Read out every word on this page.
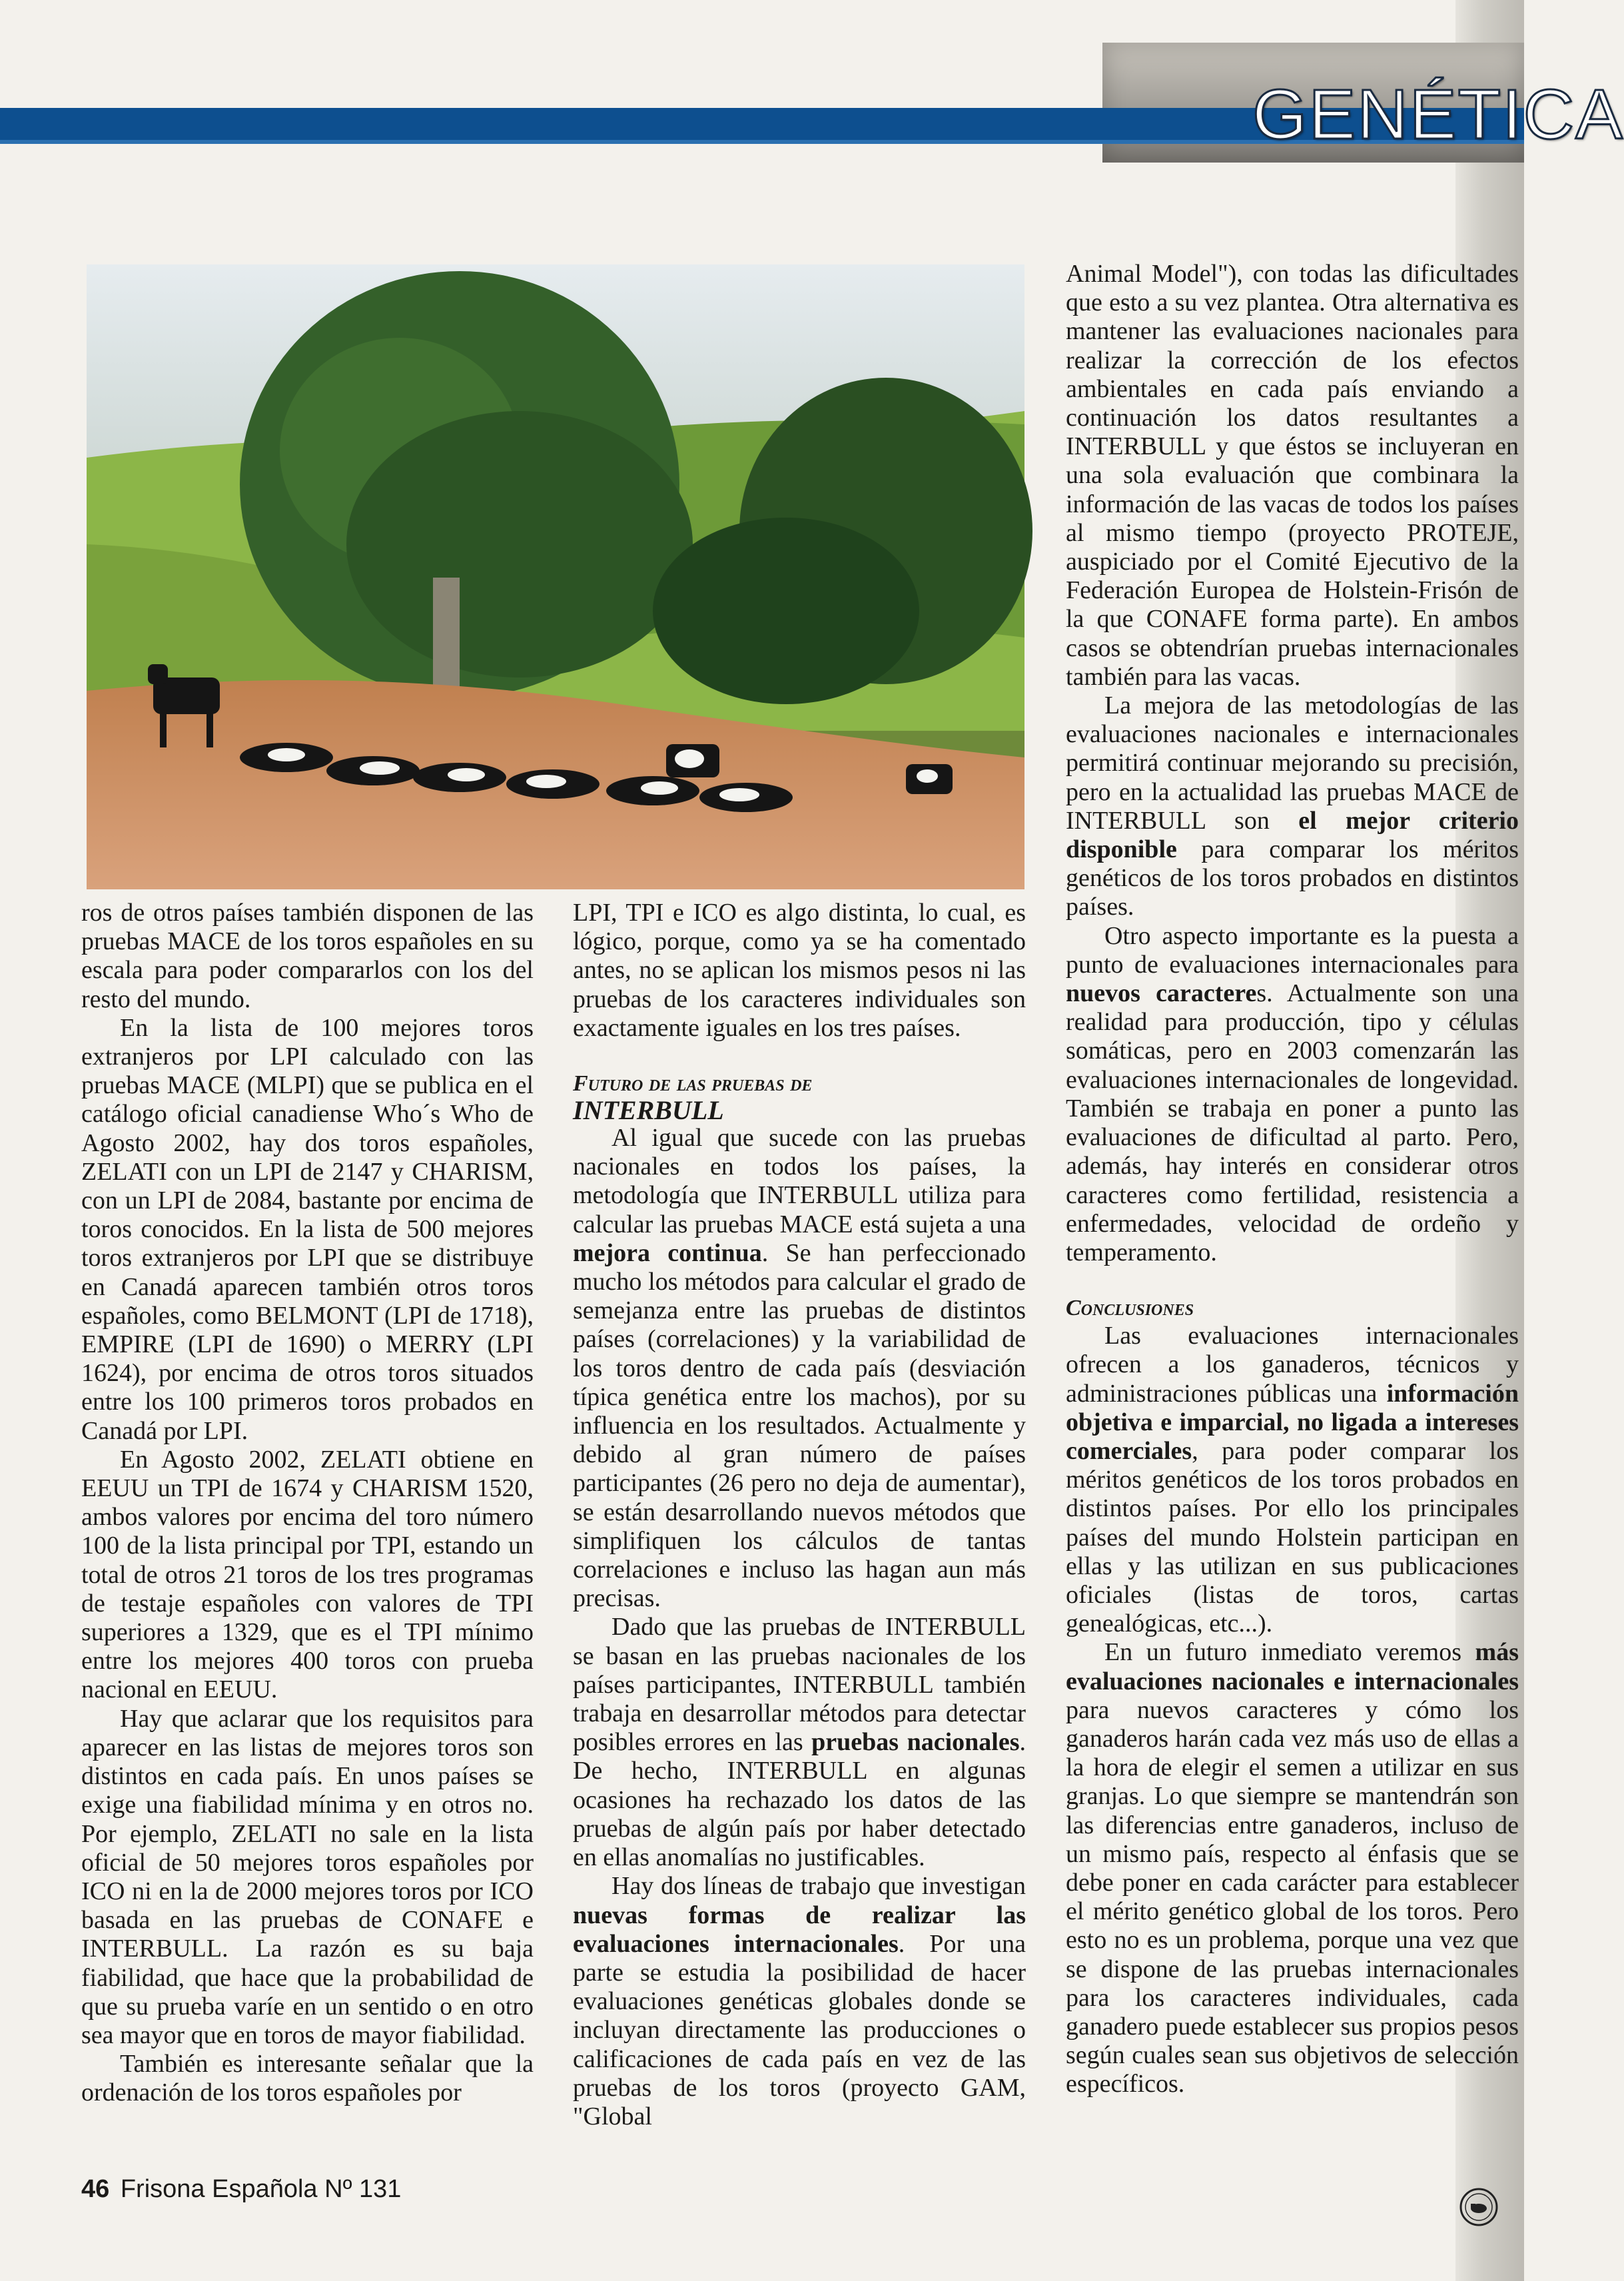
GENÉTICA

ros de otros países también disponen de las pruebas MACE de los toros españoles en su escala para poder compararlos con los del resto del mundo.

En la lista de 100 mejores toros extranjeros por LPI calculado con las pruebas MACE (MLPI) que se publica en el catálogo oficial canadiense Who´s Who de Agosto 2002, hay dos toros españoles, ZELATI con un LPI de 2147 y CHARISM, con un LPI de 2084, bastante por encima de toros conocidos. En la lista de 500 mejores toros extranjeros por LPI que se distribuye en Canadá aparecen también otros toros españoles, como BELMONT (LPI de 1718), EMPIRE (LPI de 1690) o MERRY (LPI 1624), por encima de otros toros situados entre los 100 primeros toros probados en Canadá por LPI.

En Agosto 2002, ZELATI obtiene en EEUU un TPI de 1674 y CHARISM 1520, ambos valores por encima del toro número 100 de la lista principal por TPI, estando un total de otros 21 toros de los tres programas de testaje españoles con valores de TPI superiores a 1329, que es el TPI mínimo entre los mejores 400 toros con prueba nacional en EEUU.

Hay que aclarar que los requisitos para aparecer en las listas de mejores toros son distintos en cada país. En unos países se exige una fiabilidad mínima y en otros no. Por ejemplo, ZELATI no sale en la lista oficial de 50 mejores toros españoles por ICO ni en la de 2000 mejores toros por ICO basada en las pruebas de CONAFE e INTERBULL. La razón es su baja fiabilidad, que hace que la probabilidad de que su prueba varíe en un sentido o en otro sea mayor que en toros de mayor fiabilidad.

También es interesante señalar que la ordenación de los toros españoles por

LPI, TPI e ICO es algo distinta, lo cual, es lógico, porque, como ya se ha comentado antes, no se aplican los mismos pesos ni las pruebas de los caracteres individuales son exactamente iguales en los tres países.

Futuro de las pruebas de
INTERBULL

Al igual que sucede con las pruebas nacionales en todos los países, la metodología que INTERBULL utiliza para calcular las pruebas MACE está sujeta a una mejora continua. Se han perfeccionado mucho los métodos para calcular el grado de semejanza entre las pruebas de distintos países (correlaciones) y la variabilidad de los toros dentro de cada país (desviación típica genética entre los machos), por su influencia en los resultados. Actualmente y debido al gran número de países participantes (26 pero no deja de aumentar), se están desarrollando nuevos métodos que simplifiquen los cálculos de tantas correlaciones e incluso las hagan aun más precisas.

Dado que las pruebas de INTERBULL se basan en las pruebas nacionales de los países participantes, INTERBULL también trabaja en desarrollar métodos para detectar posibles errores en las pruebas nacionales. De hecho, INTERBULL en algunas ocasiones ha rechazado los datos de las pruebas de algún país por haber detectado en ellas anomalías no justificables.

Hay dos líneas de trabajo que investigan nuevas formas de realizar las evaluaciones internacionales. Por una parte se estudia la posibilidad de hacer evaluaciones genéticas globales donde se incluyan directamente las producciones o calificaciones de cada país en vez de las pruebas de los toros (proyecto GAM, "Global

Animal Model"), con todas las dificultades que esto a su vez plantea. Otra alternativa es mantener las evaluaciones nacionales para realizar la corrección de los efectos ambientales en cada país enviando a continuación los datos resultantes a INTERBULL y que éstos se incluyeran en una sola evaluación que combinara la información de las vacas de todos los países al mismo tiempo (proyecto PROTEJE, auspiciado por el Comité Ejecutivo de la Federación Europea de Holstein-Frisón de la que CONAFE forma parte). En ambos casos se obtendrían pruebas internacionales también para las vacas.

La mejora de las metodologías de las evaluaciones nacionales e internacionales permitirá continuar mejorando su precisión, pero en la actualidad las pruebas MACE de INTERBULL son el mejor criterio disponible para comparar los méritos genéticos de los toros probados en distintos países.

Otro aspecto importante es la puesta a punto de evaluaciones internacionales para nuevos caracteres. Actualmente son una realidad para producción, tipo y células somáticas, pero en 2003 comenzarán las evaluaciones internacionales de longevidad. También se trabaja en poner a punto las evaluaciones de dificultad al parto. Pero, además, hay interés en considerar otros caracteres como fertilidad, resistencia a enfermedades, velocidad de ordeño y temperamento.

Conclusiones

Las evaluaciones internacionales ofrecen a los ganaderos, técnicos y administraciones públicas una información objetiva e imparcial, no ligada a intereses comerciales, para poder comparar los méritos genéticos de los toros probados en distintos países. Por ello los principales países del mundo Holstein participan en ellas y las utilizan en sus publicaciones oficiales (listas de toros, cartas genealógicas, etc...).

En un futuro inmediato veremos más evaluaciones nacionales e internacionales para nuevos caracteres y cómo los ganaderos harán cada vez más uso de ellas a la hora de elegir el semen a utilizar en sus granjas. Lo que siempre se mantendrán son las diferencias entre ganaderos, incluso de un mismo país, respecto al énfasis que se debe poner en cada carácter para establecer el mérito genético global de los toros. Pero esto no es un problema, porque una vez que se dispone de las pruebas internacionales para los caracteres individuales, cada ganadero puede establecer sus propios pesos según cuales sean sus objetivos de selección específicos.

46 Frisona Española Nº 131
